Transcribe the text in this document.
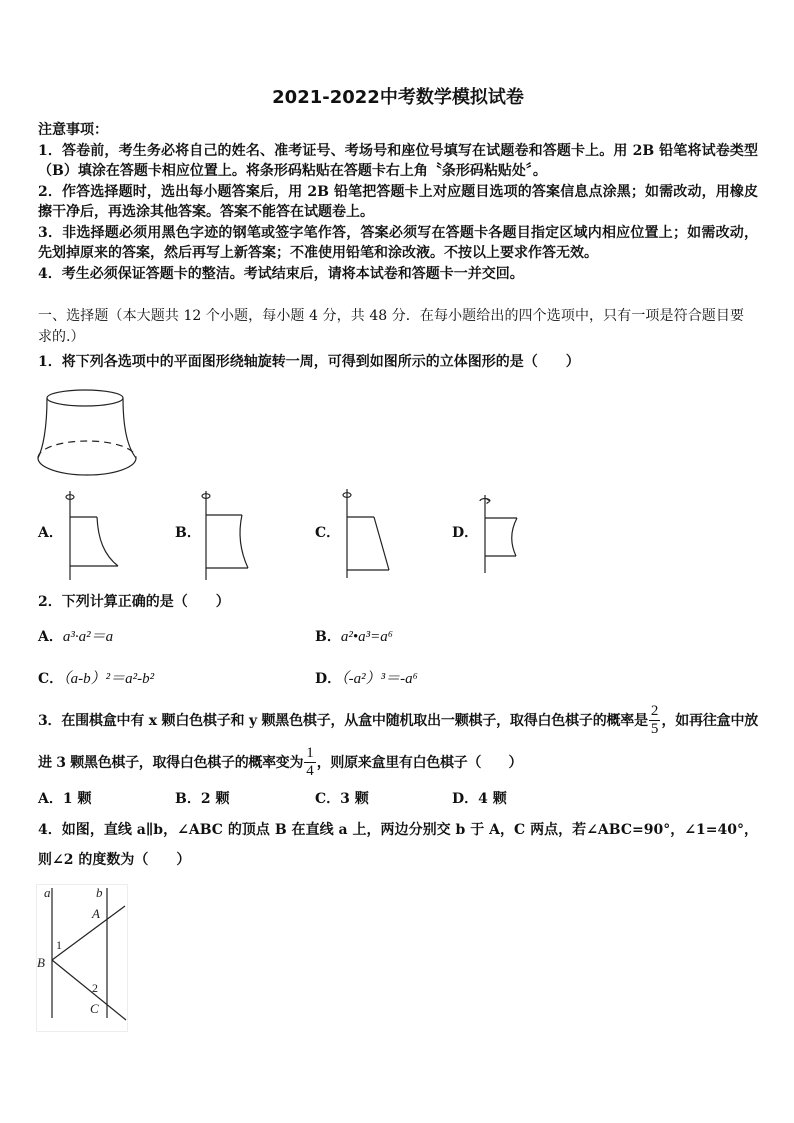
2021-2022中考数学模拟试卷
注意事项：
1．答卷前，考生务必将自己的姓名、准考证号、考场号和座位号填写在试题卷和答题卡上。用 2B 铅笔将试卷类型（B）填涂在答题卡相应位置上。将条形码粘贴在答题卡右上角〝条形码粘贴处〞。
2．作答选择题时，选出每小题答案后，用 2B 铅笔把答题卡上对应题目选项的答案信息点涂黑；如需改动，用橡皮擦干净后，再选涂其他答案。答案不能答在试题卷上。
3．非选择题必须用黑色字迹的钢笔或签字笔作答，答案必须写在答题卡各题目指定区域内相应位置上；如需改动，先划掉原来的答案，然后再写上新答案；不准使用铅笔和涂改液。不按以上要求作答无效。
4．考生必须保证答题卡的整洁。考试结束后，请将本试卷和答题卡一并交回。
一、选择题（本大题共 12 个小题，每小题 4 分，共 48 分．在每小题给出的四个选项中，只有一项是符合题目要求的.）
1．将下列各选项中的平面图形绕轴旋转一周，可得到如图所示的立体图形的是（　　）
A．	B．	C．	D．
2．下列计算正确的是（　　）
A．a³·a²＝a	B．a²•a³=a⁶
C．（a-b）²＝a²-b²	D．（-a²）³＝-a⁶
3．在围棋盒中有 x 颗白色棋子和 y 颗黑色棋子，从盒中随机取出一颗棋子，取得白色棋子的概率是 $\frac{2}{5}$ ，如再往盒中放进 3 颗黑色棋子，取得白色棋子的概率变为 $\frac{1}{4}$ ，则原来盒里有白色棋子（　　）
A．1 颗	B．2 颗	C．3 颗	D．4 颗
4．如图，直线 a∥b，∠ABC 的顶点 B 在直线 a 上，两边分别交 b 于 A，C 两点，若∠ABC=90°，∠1=40°，则∠2 的度数为（　　）
a	b
A
B
C
1
2
